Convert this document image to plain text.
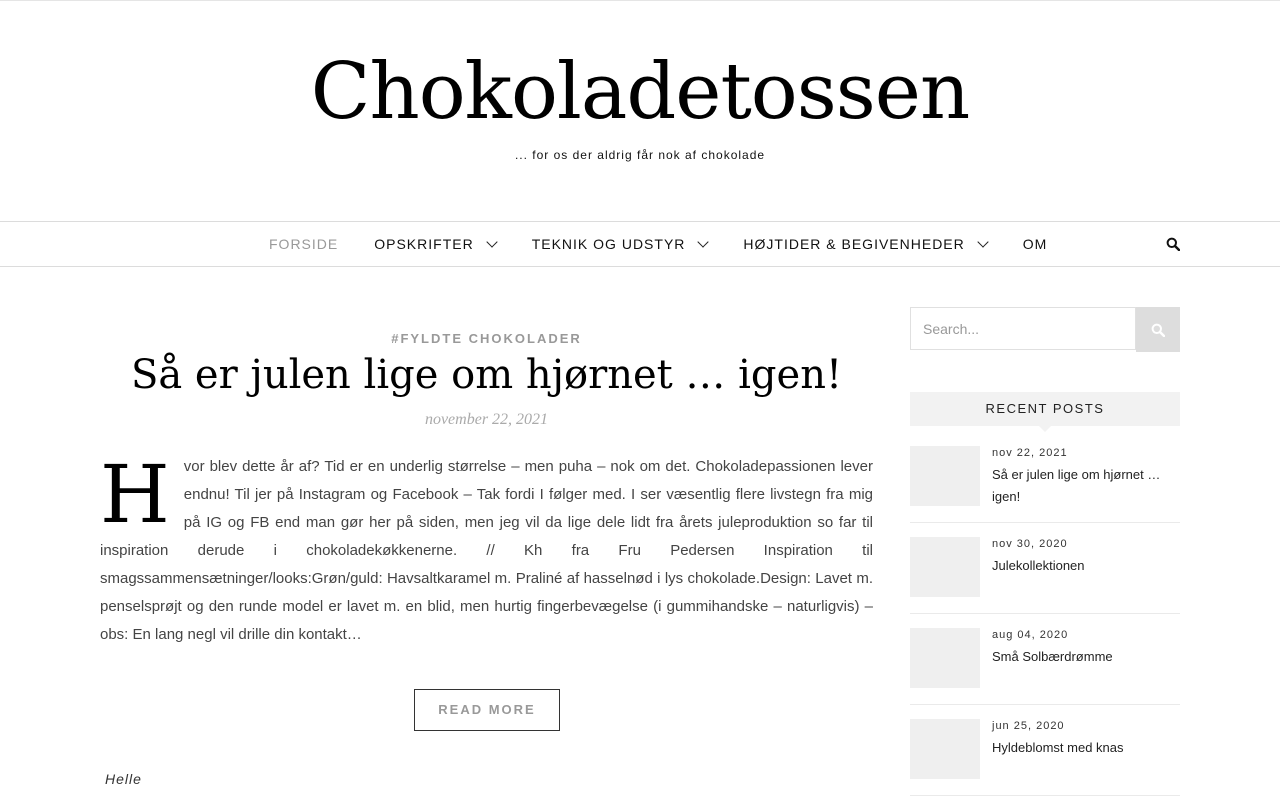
Chokoladetossen
... for os der aldrig får nok af chokolade
FORSIDE	OPSKRIFTER	TEKNIK OG UDSTYR	HØJTIDER & BEGIVENHEDER	OM
#FYLDTE CHOKOLADER
Så er julen lige om hjørnet … igen!
november 22, 2021
H vor blev dette år af? Tid er en underlig størrelse – men puha – nok om det. Chokoladepassionen lever endnu! Til jer på Instagram og Facebook – Tak fordi I følger med. I ser væsentlig flere livstegn fra mig på IG og FB end man gør her på siden, men jeg vil da lige dele lidt fra årets juleproduktion so far til inspiration derude i chokoladekøkkenerne. // Kh fra Fru Pedersen Inspiration til smagssammensætninger/looks:Grøn/guld: Havsaltkaramel m. Praliné af hasselnød i lys chokolade.Design: Lavet m. penselsprøjt og den runde model er lavet m. en blid, men hurtig fingerbevægelse (i gummihandske – naturligvis) – obs: En lang negl vil drille din kontakt…
READ MORE
Helle
Search...
RECENT POSTS
nov 22, 2021
Så er julen lige om hjørnet … igen!
nov 30, 2020
Julekollektionen
aug 04, 2020
Små Solbærdrømme
jun 25, 2020
Hyldeblomst med knas
